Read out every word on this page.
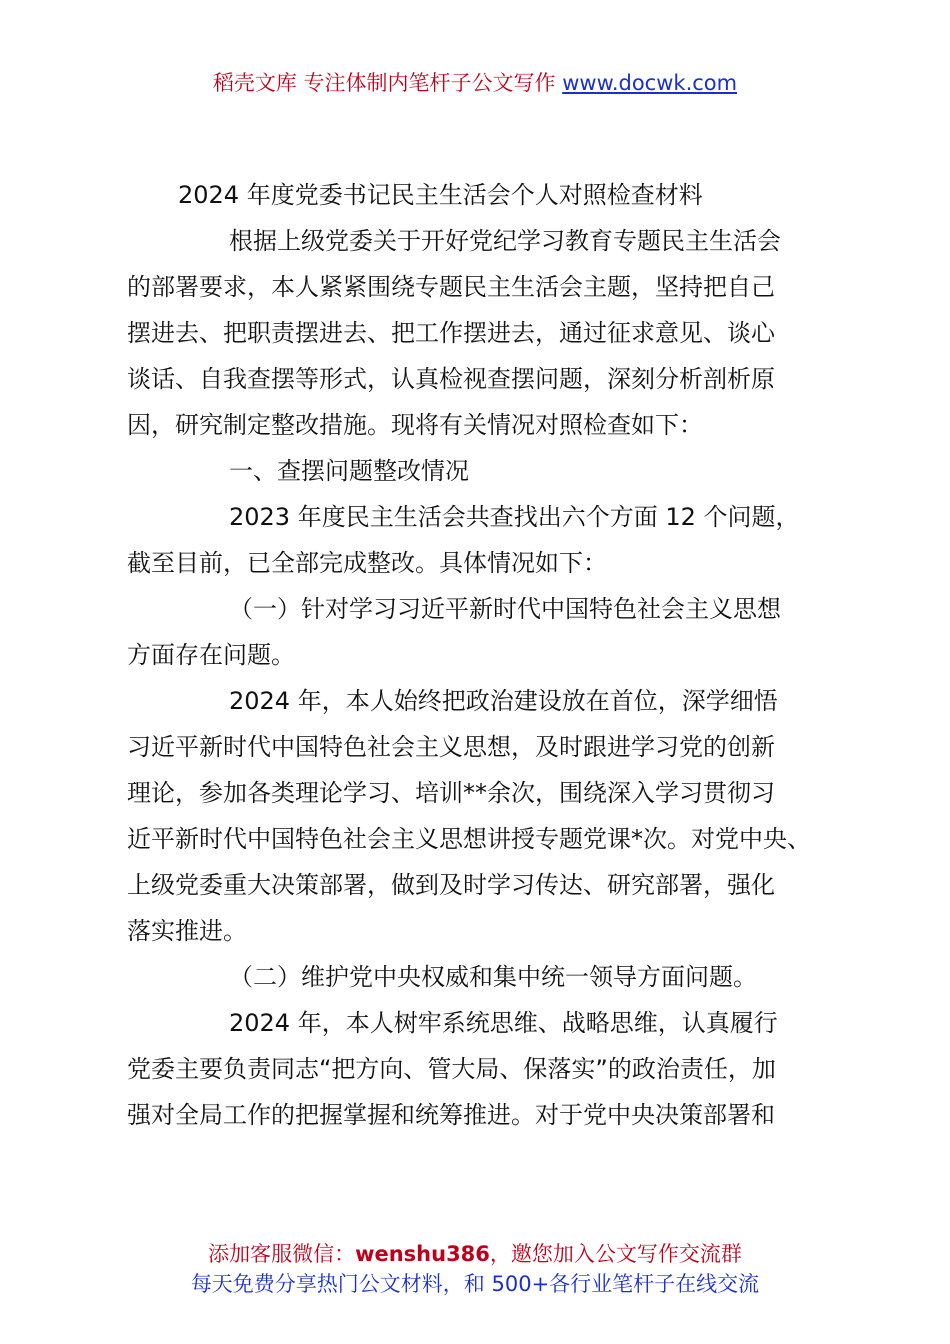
稻壳文库 专注体制内笔杆子公文写作 www.docwk.com
2024 年度党委书记民主生活会个人对照检查材料
根据上级党委关于开好党纪学习教育专题民主生活会
的部署要求，本人紧紧围绕专题民主生活会主题，坚持把自己
摆进去、把职责摆进去、把工作摆进去，通过征求意见、谈心
谈话、自我查摆等形式，认真检视查摆问题，深刻分析剖析原
因，研究制定整改措施。现将有关情况对照检查如下：
一、查摆问题整改情况
2023 年度民主生活会共查找出六个方面 12 个问题，
截至目前，已全部完成整改。具体情况如下：
（一）针对学习习近平新时代中国特色社会主义思想
方面存在问题。
2024 年，本人始终把政治建设放在首位，深学细悟
习近平新时代中国特色社会主义思想，及时跟进学习党的创新
理论，参加各类理论学习、培训**余次，围绕深入学习贯彻习
近平新时代中国特色社会主义思想讲授专题党课*次。对党中央、
上级党委重大决策部署，做到及时学习传达、研究部署，强化
落实推进。
（二）维护党中央权威和集中统一领导方面问题。
2024 年，本人树牢系统思维、战略思维，认真履行
党委主要负责同志“把方向、管大局、保落实”的政治责任，加
强对全局工作的把握掌握和统筹推进。对于党中央决策部署和
添加客服微信：wenshu386，邀您加入公文写作交流群
每天免费分享热门公文材料，和 500+各行业笔杆子在线交流
